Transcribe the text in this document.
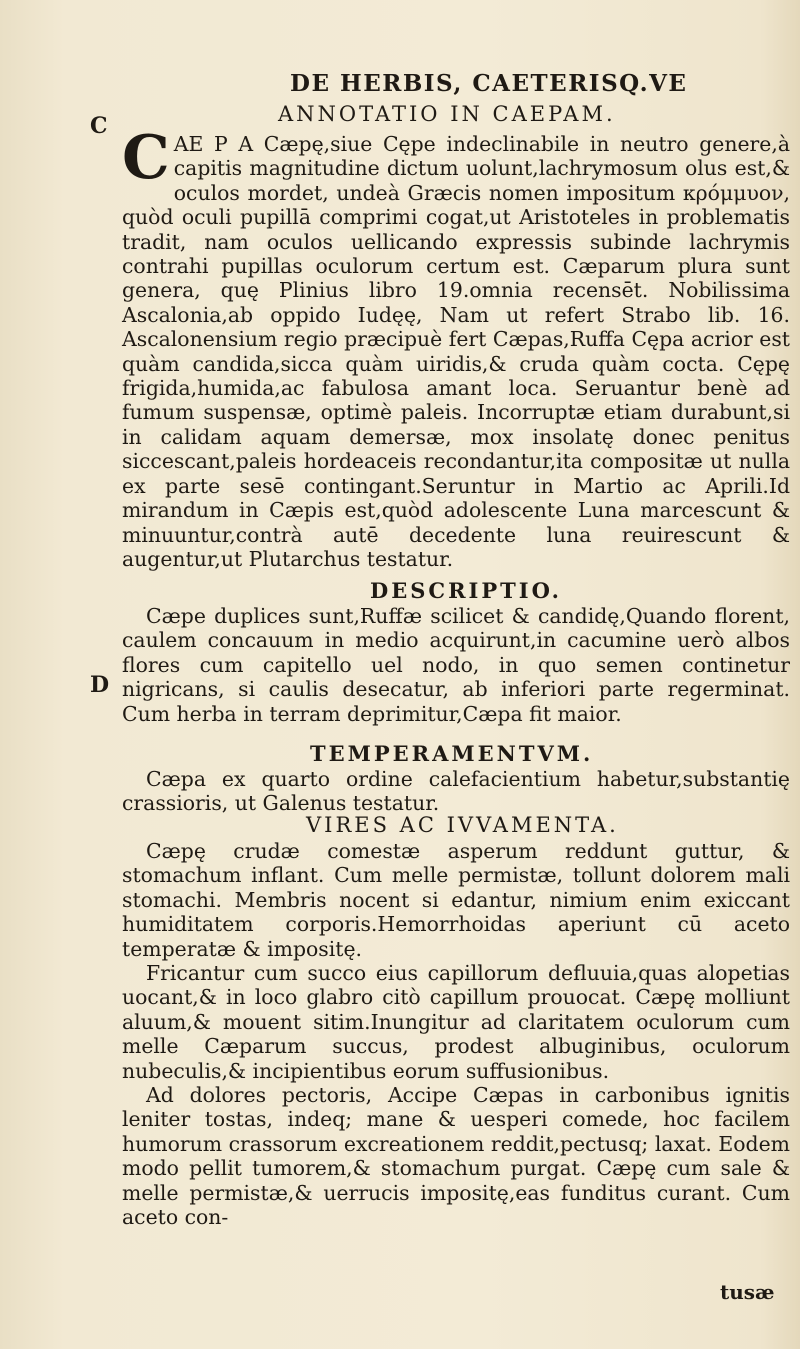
DE HERBIS, CAETERISQ.VE
C
D
ANNOTATIO IN CAEPAM.

CAE P A Cæpę,siue Cępe indeclinabile in neutro genere,à capitis magnitudine dictum uolunt,lachrymosum olus est,& oculos mordet, undeà Græcis nomen impositum κρόμμυον, quòd oculi pupillā comprimi cogat,ut Aristoteles in problematis tradit, nam oculos uellicando expressis subinde lachrymis contrahi pupillas oculorum certum est. Cæparum plura sunt genera, quę Plinius libro 19.omnia recensēt. Nobilissima Ascalonia,ab oppido Iudęę, Nam ut refert Strabo lib. 16. Ascalonensium regio præcipuè fert Cæpas,Ruffa Cępa acrior est quàm candida,sicca quàm uiridis,& cruda quàm cocta. Cępę frigida,humida,ac fabulosa amant loca. Seruantur benè ad fumum suspensæ, optimè paleis. Incorruptæ etiam durabunt,si in calidam aquam demersæ, mox insolatę donec penitus siccescant,paleis hordeaceis recondantur,ita compositæ ut nulla ex parte sesē contingant.Seruntur in Martio ac Aprili.Id mirandum in Cæpis est,quòd adolescente Luna marcescunt & minuuntur,contrà autē decedente luna reuirescunt & augentur,ut Plutarchus testatur.

DESCRIPTIO.

Cæpe duplices sunt,Ruffæ scilicet & candidę,Quando florent, caulem concauum in medio acquirunt,in cacumine uerò albos flores cum capitello uel nodo, in quo semen continetur nigricans, si caulis desecatur, ab inferiori parte regerminat. Cum herba in terram deprimitur,Cæpa fit maior.

TEMPERAMENTVM.

Cæpa ex quarto ordine calefacientium habetur,substantię crassioris, ut Galenus testatur.

VIRES AC IVVAMENTA.

Cæpę crudæ comestæ asperum reddunt guttur, & stomachum inflant. Cum melle permistæ, tollunt dolorem mali stomachi. Membris nocent si edantur, nimium enim exiccant humiditatem corporis.Hemorrhoidas aperiunt cū aceto temperatæ & impositę.

Fricantur cum succo eius capillorum defluuia,quas alopetias uocant,& in loco glabro citò capillum prouocat. Cæpę molliunt aluum,& mouent sitim.Inungitur ad claritatem oculorum cum melle Cæparum succus, prodest albuginibus, oculorum nubeculis,& incipientibus eorum suffusionibus.

Ad dolores pectoris, Accipe Cæpas in carbonibus ignitis leniter tostas, indeq; mane & uesperi comede, hoc facilem humorum crassorum excreationem reddit,pectusq; laxat. Eodem modo pellit tumorem,& stomachum purgat. Cæpę cum sale & melle permistæ,& uerrucis impositę,eas funditus curant. Cum aceto con-

tusæ
